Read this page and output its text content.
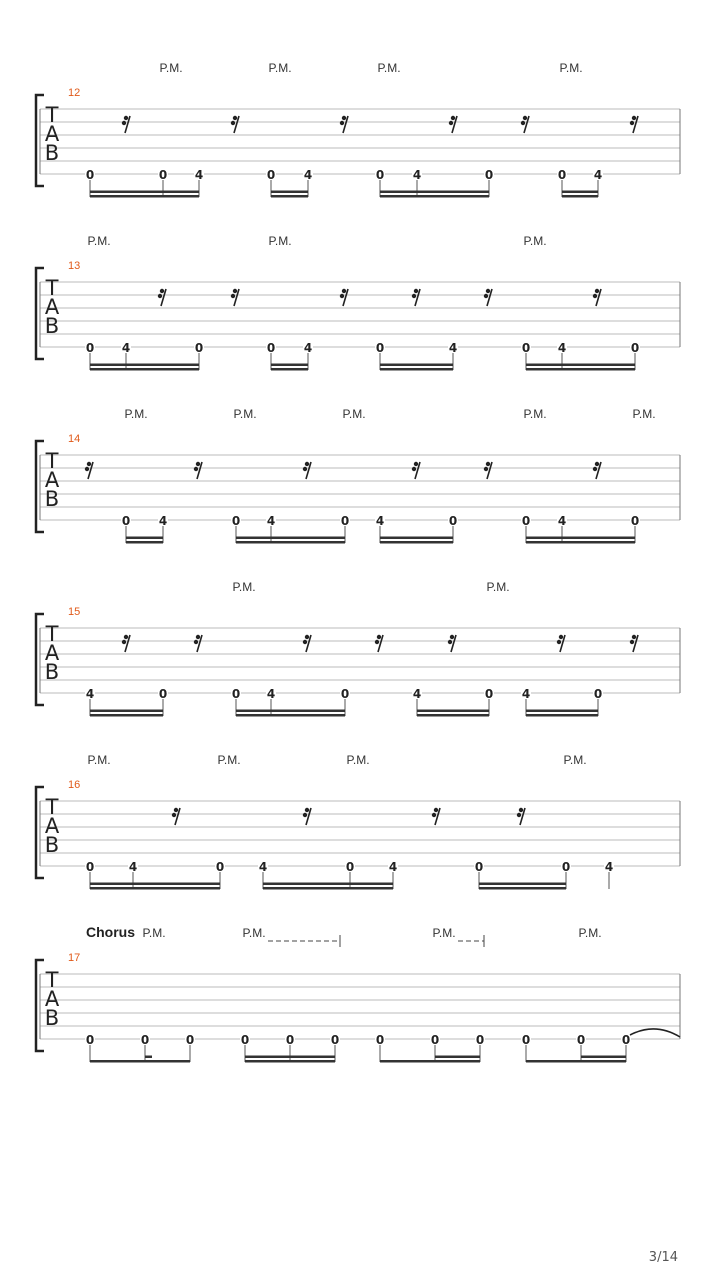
T
A
B
12
P.M.	P.M.	P.M.	P.M.
0	0 4	0 4	0 4	0	0 4
T
A
B
13
P.M.	P.M.	P.M.
0 4	0	0 4	0	4	0 4	0
T
A
B
14
P.M.	P.M.	P.M.	P.M.	P.M.
0 4	0 4	0 4	0	0 4	0
T
A
B
15
P.M.	P.M.
4	0	0 4	0	4	0 4	0
T
A
B
16
P.M.	P.M.	P.M.	P.M.
0	4	0	4	0	4	0	0	4
T
A
B
17
Chorus P.M.	P.M.	P.M.	P.M.
0	0	0	0	0	0	0	0	0	0	0	0
3/14
